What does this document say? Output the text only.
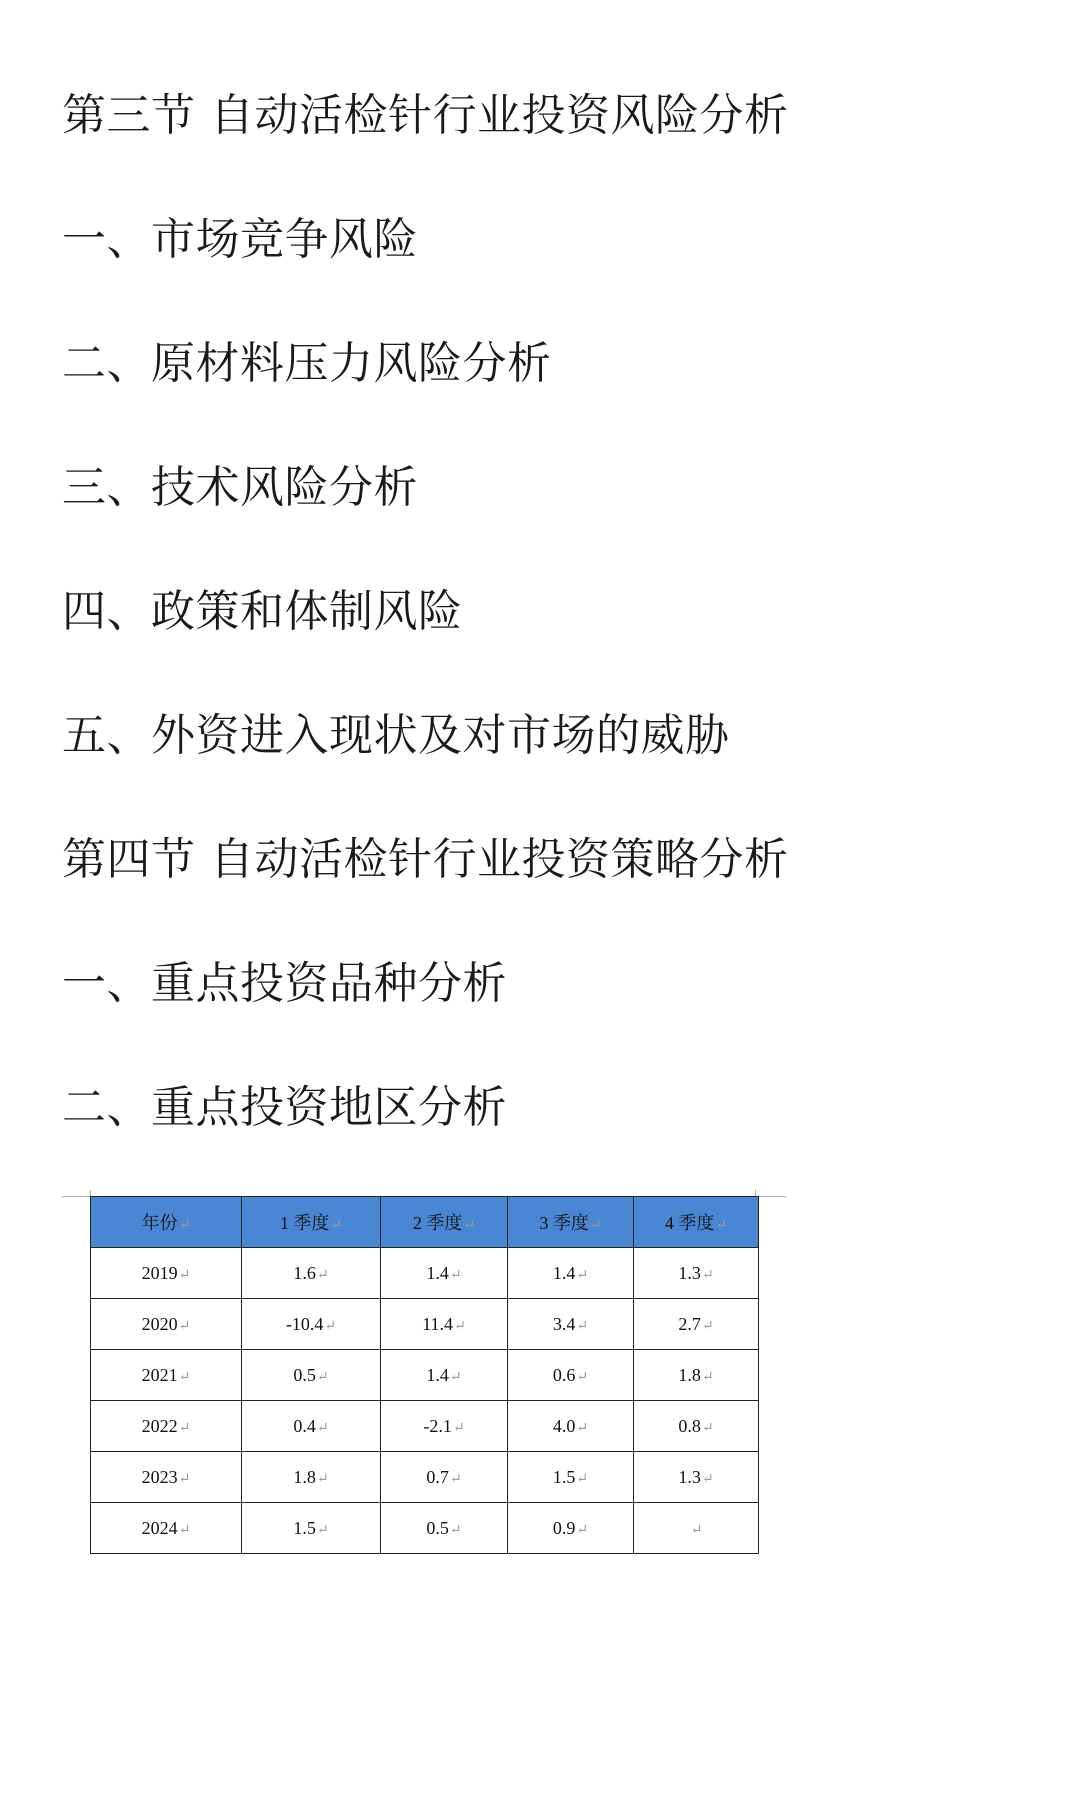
第三节 自动活检针行业投资风险分析
一、市场竞争风险
二、原材料压力风险分析
三、技术风险分析
四、政策和体制风险
五、外资进入现状及对市场的威胁
第四节 自动活检针行业投资策略分析
一、重点投资品种分析
二、重点投资地区分析
年份↵	1 季度↵	2 季度↵	3 季度↵	4 季度↵
2019↵	1.6↵	1.4↵	1.4↵	1.3↵
2020↵	-10.4↵	11.4↵	3.4↵	2.7↵
2021↵	0.5↵	1.4↵	0.6↵	1.8↵
2022↵	0.4↵	-2.1↵	4.0↵	0.8↵
2023↵	1.8↵	0.7↵	1.5↵	1.3↵
2024↵	1.5↵	0.5↵	0.9↵	↵
